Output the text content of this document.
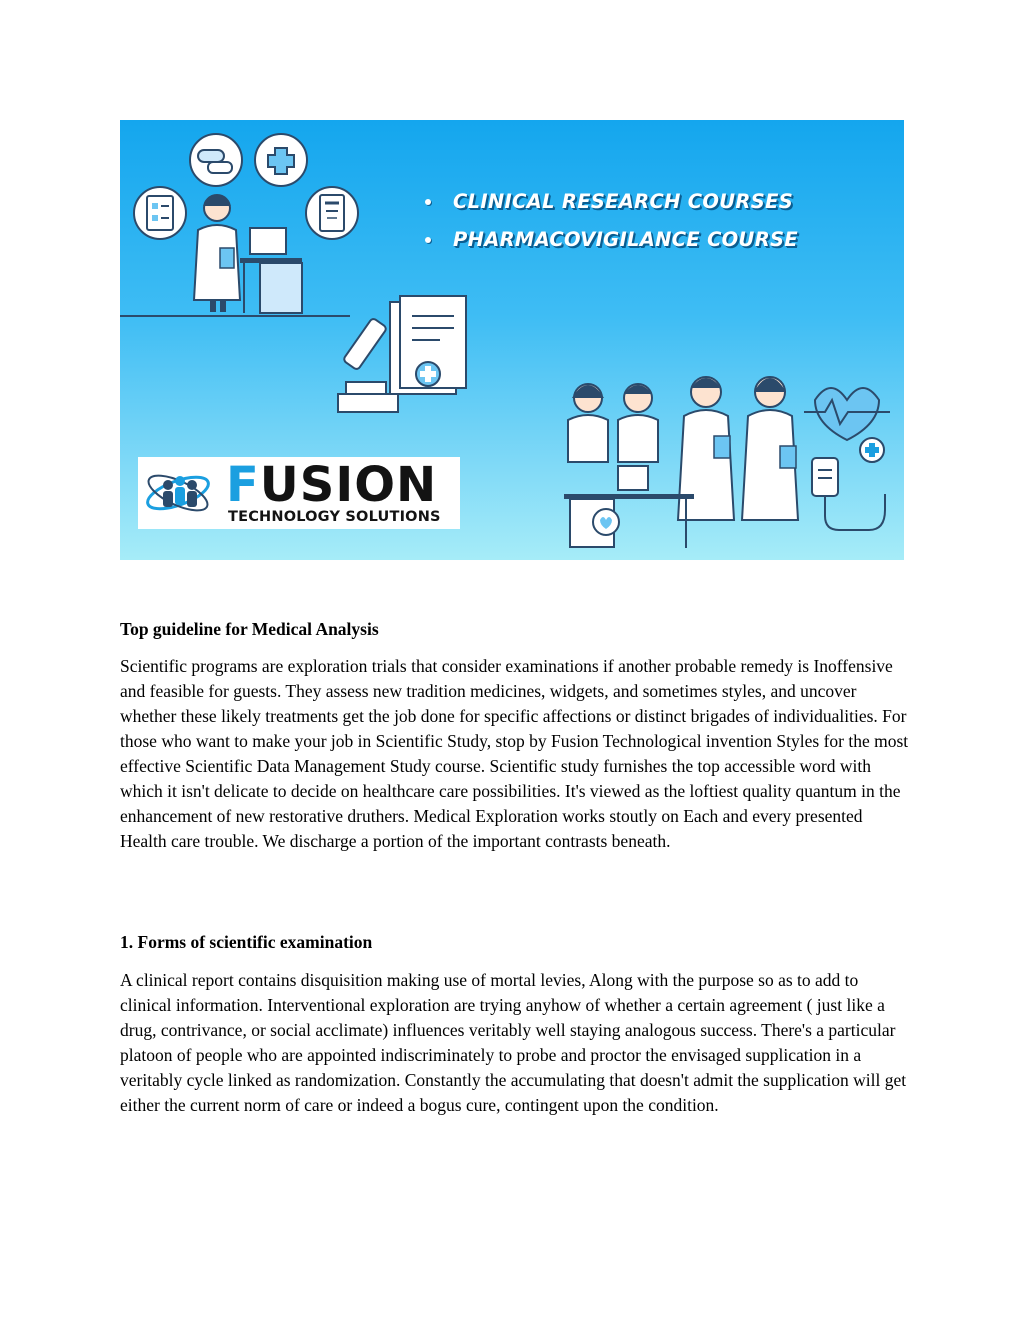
CLINICAL RESEARCH COURSES
PHARMACOVIGILANCE COURSE
FUSION
TECHNOLOGY SOLUTIONS
Top guideline for Medical Analysis

Scientific programs are exploration trials that consider examinations if another probable remedy is Inoffensive and feasible for guests. They assess new tradition medicines, widgets, and sometimes styles, and uncover whether these likely treatments get the job done for specific affections or distinct brigades of individualities. For those who want to make your job in Scientific Study, stop by Fusion Technological invention Styles for the most effective Scientific Data Management Study course. Scientific study furnishes the top accessible word with which it isn't delicate to decide on healthcare care possibilities. It's viewed as the loftiest quality quantum in the enhancement of new restorative druthers. Medical Exploration works stoutly on Each and every presented Health care trouble. We discharge a portion of the important contrasts beneath.

1. Forms of scientific examination

A clinical report contains disquisition making use of mortal levies, Along with the purpose so as to add to clinical information. Interventional exploration are trying anyhow of whether a certain agreement ( just like a drug, contrivance, or social acclimate) influences veritably well staying analogous success. There's a particular platoon of people who are appointed indiscriminately to probe and proctor the envisaged supplication in a veritably cycle linked as randomization. Constantly the accumulating that doesn't admit the supplication will get either the current norm of care or indeed a bogus cure, contingent upon the condition.
